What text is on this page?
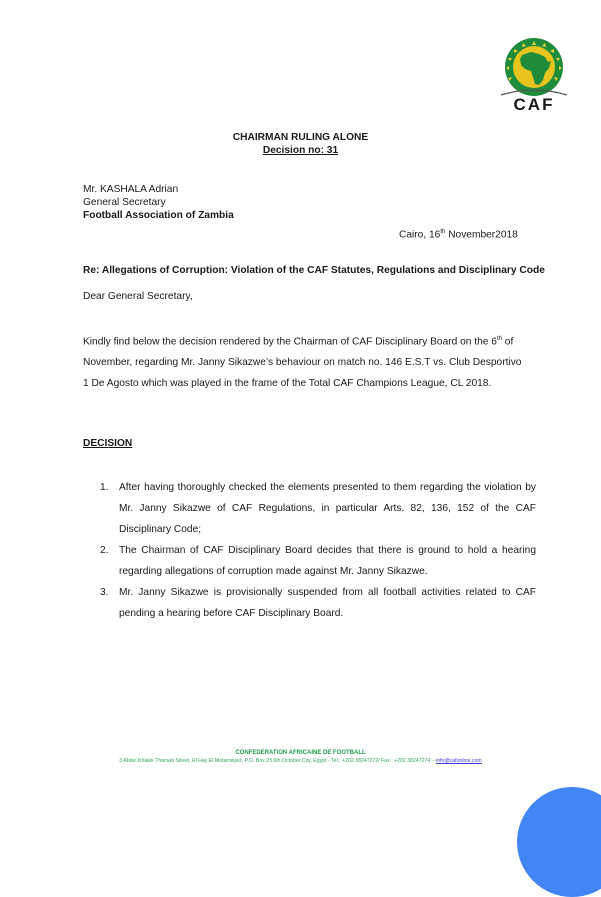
CAF
CHAIRMAN RULING ALONE
Decision no: 31
Mr. KASHALA Adrian
General Secretary
Football Association of Zambia
Cairo, 16th November2018
Re: Allegations of Corruption: Violation of the CAF Statutes, Regulations and Disciplinary Code
Dear General Secretary,
Kindly find below the decision rendered by the Chairman of CAF Disciplinary Board on the 6th of
November, regarding Mr. Janny Sikazwe’s behaviour on match no. 146 E.S.T vs. Club Desportivo
1 De Agosto which was played in the frame of the Total CAF Champions League, CL 2018.
DECISION
1. After having thoroughly checked the elements presented to them regarding the violation by Mr. Janny Sikazwe of CAF Regulations, in particular Arts. 82, 136, 152 of the CAF Disciplinary Code;
2. The Chairman of CAF Disciplinary Board decides that there is ground to hold a hearing regarding allegations of corruption made against Mr. Janny Sikazwe.
3. Mr. Janny Sikazwe is provisionally suspended from all football activities related to CAF pending a hearing before CAF Disciplinary Board.
CONFEDERATION AFRICAINE DE FOOTBALL
3 Abdel Khalek Tharwat Street, El Hay El Motamayez, P.O. Box 23 6th October City, Egypt - Tel.: +202 38247272/ Fax : +202 38247274 – info@cafonline.com
